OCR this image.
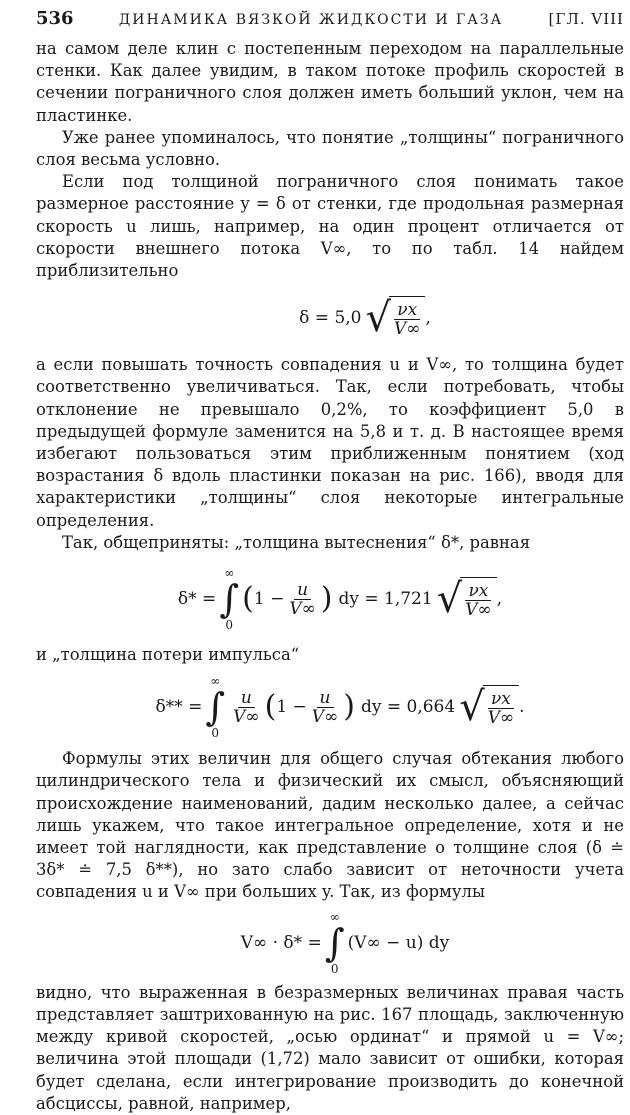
536	ДИНАМИКА ВЯЗКОЙ ЖИДКОСТИ И ГАЗА	[ГЛ. VIII

на самом деле клин с постепенным переходом на параллельные стенки. Как далее увидим, в таком потоке профиль скоростей в сечении пограничного слоя должен иметь больший уклон, чем на пластинке.

Уже ранее упоминалось, что понятие „толщины“ пограничного слоя весьма условно.

Если под толщиной пограничного слоя понимать такое размерное расстояние y = δ от стенки, где продольная размерная скорость u лишь, например, на один процент отличается от скорости внешнего потока V∞, то по табл. 14 найдем приблизительно

δ = 5,0 √ $\frac{\nu x}{V\infty}$ ,

а если повышать точность совпадения u и V∞, то толщина будет соответственно увеличиваться. Так, если потребовать, чтобы отклонение не превышало 0,2%, то коэффициент 5,0 в предыдущей формуле заменится на 5,8 и т. д. В настоящее время избегают пользоваться этим приближенным понятием (ход возрастания δ вдоль пластинки показан на рис. 166), вводя для характеристики „толщины“ слоя некоторые интегральные определения.

Так, общеприняты: „толщина вытеснения“ δ*, равная

δ* =
∞
∫
0
( $1 - \frac{u}{V\infty}$ ) dy = 1,721 √ $\frac{\nu x}{V\infty}$ ,

и „толщина потери импульса“

δ** =
∞
∫
0
$\frac{u}{V\infty}$ ( $1 - \frac{u}{V\infty}$ ) dy = 0,664 √ $\frac{\nu x}{V\infty}$ .

Формулы этих величин для общего случая обтекания любого цилиндрического тела и физический их смысл, объясняющий происхождение наименований, дадим несколько далее, а сейчас лишь укажем, что такое интегральное определение, хотя и не имеет той наглядности, как представление о толщине слоя (δ ≐ 3δ* ≐ 7,5 δ**), но зато слабо зависит от неточности учета совпадения u и V∞ при больших y. Так, из формулы

V∞ · δ* =
∞
∫
0
(V∞ − u) dy

видно, что выраженная в безразмерных величинах правая часть представляет заштрихованную на рис. 167 площадь, заключенную между кривой скоростей, „осью ординат“ и прямой u = V∞; величина этой площади (1,72) мало зависит от ошибки, которая будет сделана, если интегрирование производить до конечной абсциссы, равной, например,
